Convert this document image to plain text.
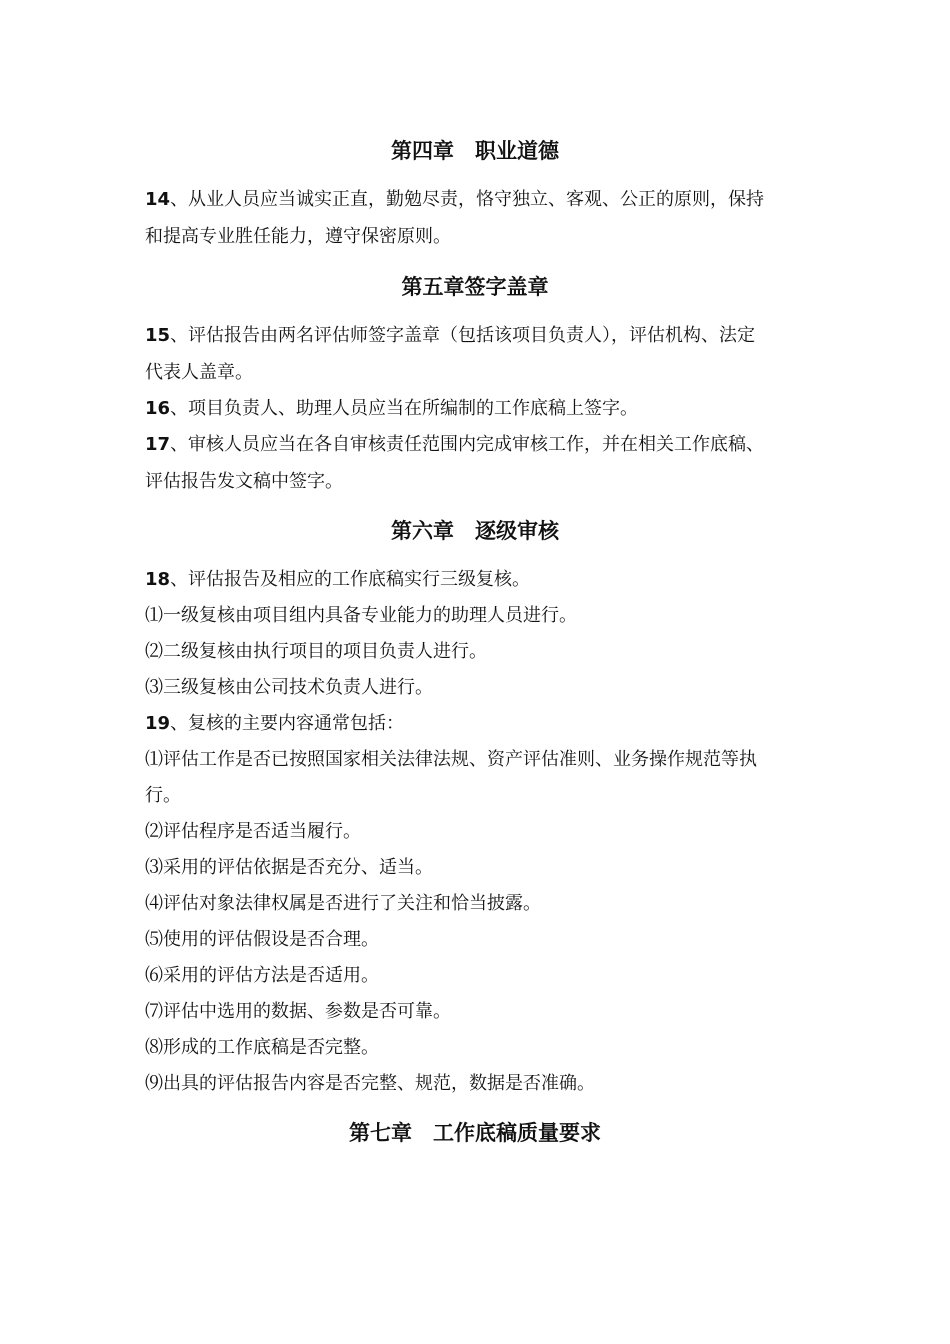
第四章　职业道德
14、从业人员应当诚实正直，勤勉尽责，恪守独立、客观、公正的原则，保持
和提高专业胜任能力，遵守保密原则。
第五章签字盖章
15、评估报告由两名评估师签字盖章（包括该项目负责人），评估机构、法定
代表人盖章。
16、项目负责人、助理人员应当在所编制的工作底稿上签字。
17、审核人员应当在各自审核责任范围内完成审核工作，并在相关工作底稿、
评估报告发文稿中签字。
第六章　逐级审核
18、评估报告及相应的工作底稿实行三级复核。
⑴一级复核由项目组内具备专业能力的助理人员进行。
⑵二级复核由执行项目的项目负责人进行。
⑶三级复核由公司技术负责人进行。
19、复核的主要内容通常包括：
⑴评估工作是否已按照国家相关法律法规、资产评估准则、业务操作规范等执
行。
⑵评估程序是否适当履行。
⑶采用的评估依据是否充分、适当。
⑷评估对象法律权属是否进行了关注和恰当披露。
⑸使用的评估假设是否合理。
⑹采用的评估方法是否适用。
⑺评估中选用的数据、参数是否可靠。
⑻形成的工作底稿是否完整。
⑼出具的评估报告内容是否完整、规范，数据是否准确。
第七章　工作底稿质量要求
